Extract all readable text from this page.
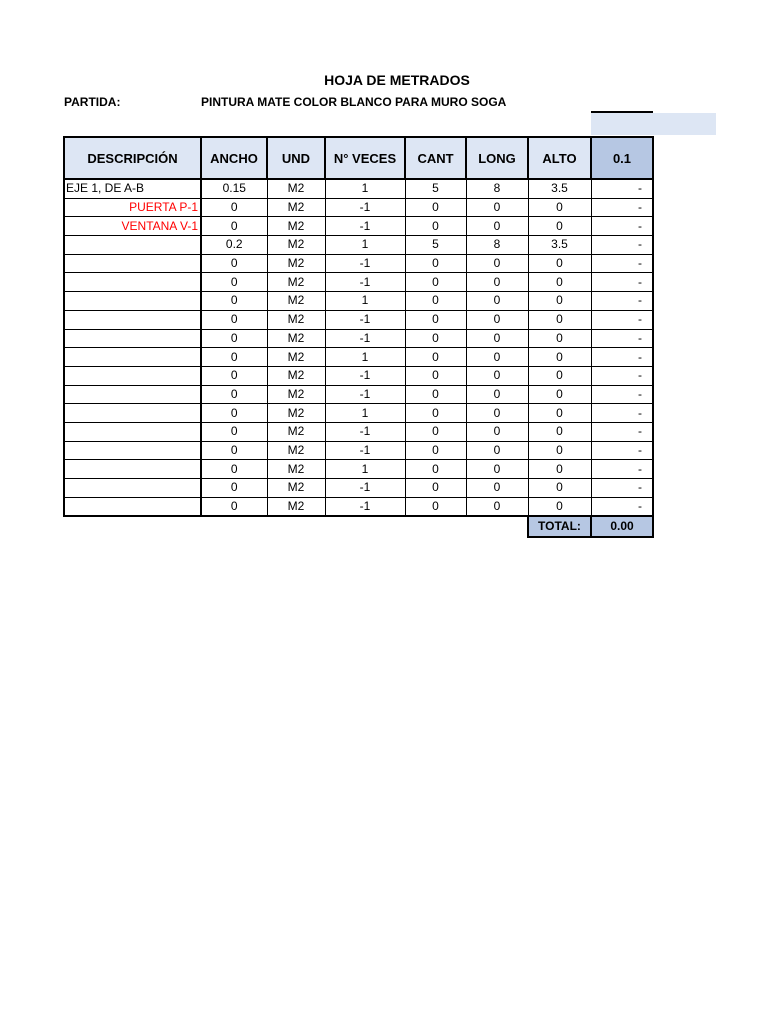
HOJA DE METRADOS
PARTIDA:	PINTURA MATE COLOR BLANCO PARA MURO SOGA
DESCRIPCIÓN	ANCHO	UND	N° VECES	CANT	LONG	ALTO	0.1
EJE 1, DE A-B	0.15	M2	1	5	8	3.5	-
PUERTA P-1	0	M2	-1	0	0	0	-
VENTANA V-1	0	M2	-1	0	0	0	-
	0.2	M2	1	5	8	3.5	-
	0	M2	-1	0	0	0	-
	0	M2	-1	0	0	0	-
	0	M2	1	0	0	0	-
	0	M2	-1	0	0	0	-
	0	M2	-1	0	0	0	-
	0	M2	1	0	0	0	-
	0	M2	-1	0	0	0	-
	0	M2	-1	0	0	0	-
	0	M2	1	0	0	0	-
	0	M2	-1	0	0	0	-
	0	M2	-1	0	0	0	-
	0	M2	1	0	0	0	-
	0	M2	-1	0	0	0	-
	0	M2	-1	0	0	0	-
						TOTAL:	0.00
